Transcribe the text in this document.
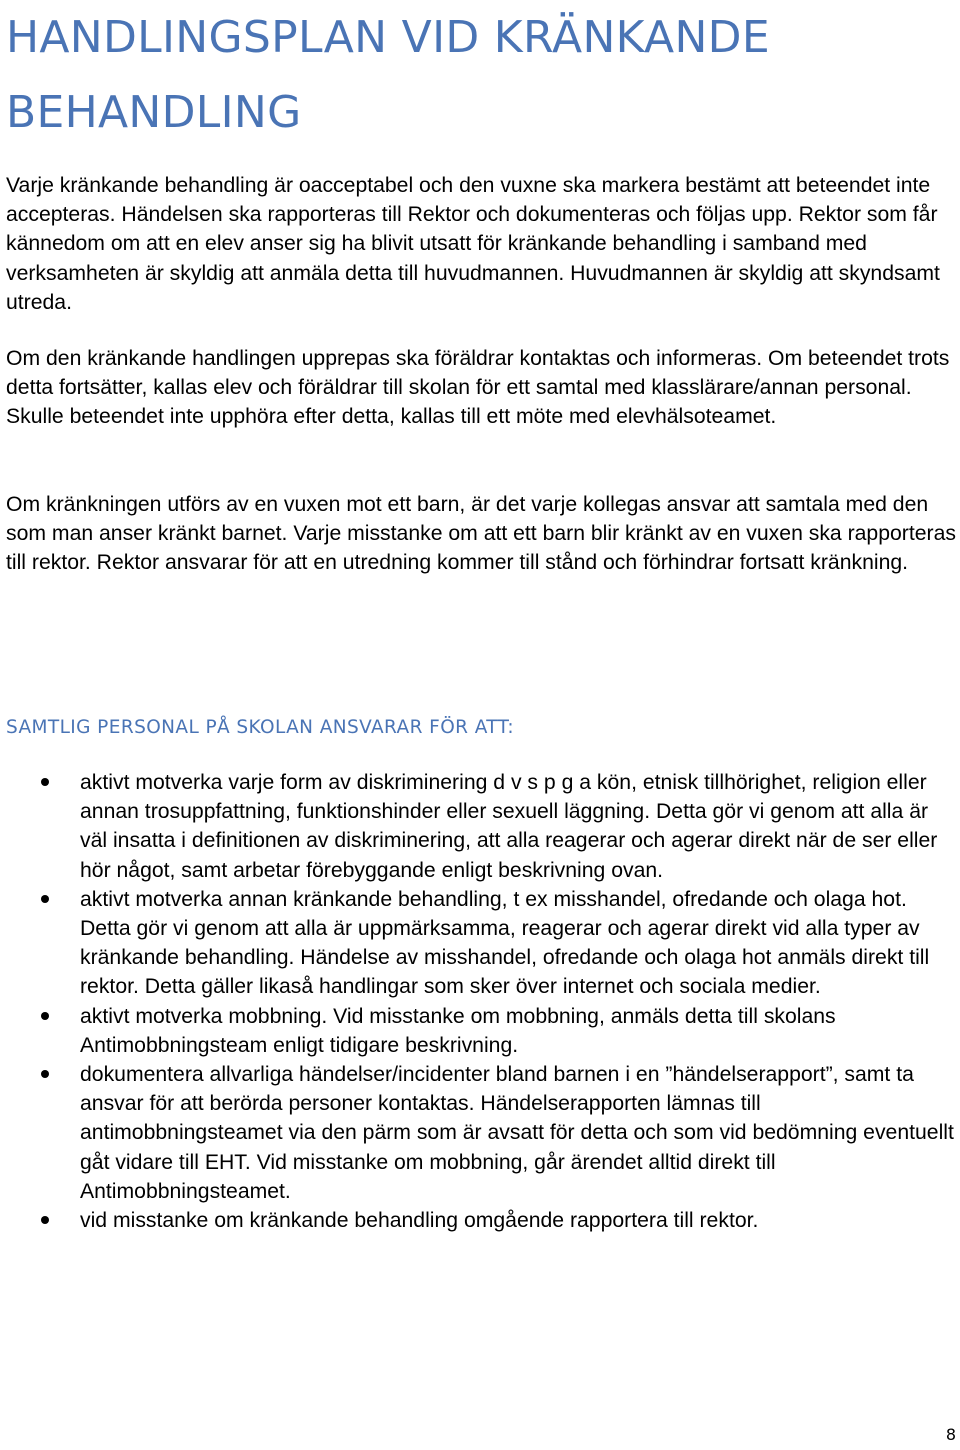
HANDLINGSPLAN VID KRÄNKANDE BEHANDLING

Varje kränkande behandling är oacceptabel och den vuxne ska markera bestämt att beteendet inte accepteras. Händelsen ska rapporteras till Rektor och dokumenteras och följas upp. Rektor som får kännedom om att en elev anser sig ha blivit utsatt för kränkande behandling i samband med verksamheten är skyldig att anmäla detta till huvudmannen. Huvudmannen är skyldig att skyndsamt utreda.

Om den kränkande handlingen upprepas ska föräldrar kontaktas och informeras. Om beteendet trots detta fortsätter, kallas elev och föräldrar till skolan för ett samtal med klasslärare/annan personal. Skulle beteendet inte upphöra efter detta, kallas till ett möte med elevhälsoteamet.

Om kränkningen utförs av en vuxen mot ett barn, är det varje kollegas ansvar att samtala med den som man anser kränkt barnet. Varje misstanke om att ett barn blir kränkt av en vuxen ska rapporteras till rektor. Rektor ansvarar för att en utredning kommer till stånd och förhindrar fortsatt kränkning.

SAMTLIG PERSONAL PÅ SKOLAN ANSVARAR FÖR ATT:
aktivt motverka varje form av diskriminering d v s p g a kön, etnisk tillhörighet, religion eller annan trosuppfattning, funktionshinder eller sexuell läggning. Detta gör vi genom att alla är väl insatta i definitionen av diskriminering, att alla reagerar och agerar direkt när de ser eller hör något, samt arbetar förebyggande enligt beskrivning ovan.
aktivt motverka annan kränkande behandling, t ex misshandel, ofredande och olaga hot. Detta gör vi genom att alla är uppmärksamma, reagerar och agerar direkt vid alla typer av kränkande behandling. Händelse av misshandel, ofredande och olaga hot anmäls direkt till rektor. Detta gäller likaså handlingar som sker över internet och sociala medier.
aktivt motverka mobbning. Vid misstanke om mobbning, anmäls detta till skolans Antimobbningsteam enligt tidigare beskrivning.
dokumentera allvarliga händelser/incidenter bland barnen i en ”händelserapport”, samt ta ansvar för att berörda personer kontaktas. Händelserapporten lämnas till antimobbningsteamet via den pärm som är avsatt för detta och som vid bedömning eventuellt gåt vidare till EHT. Vid misstanke om mobbning, går ärendet alltid direkt till Antimobbningsteamet.
vid misstanke om kränkande behandling omgående rapportera till rektor.
8
